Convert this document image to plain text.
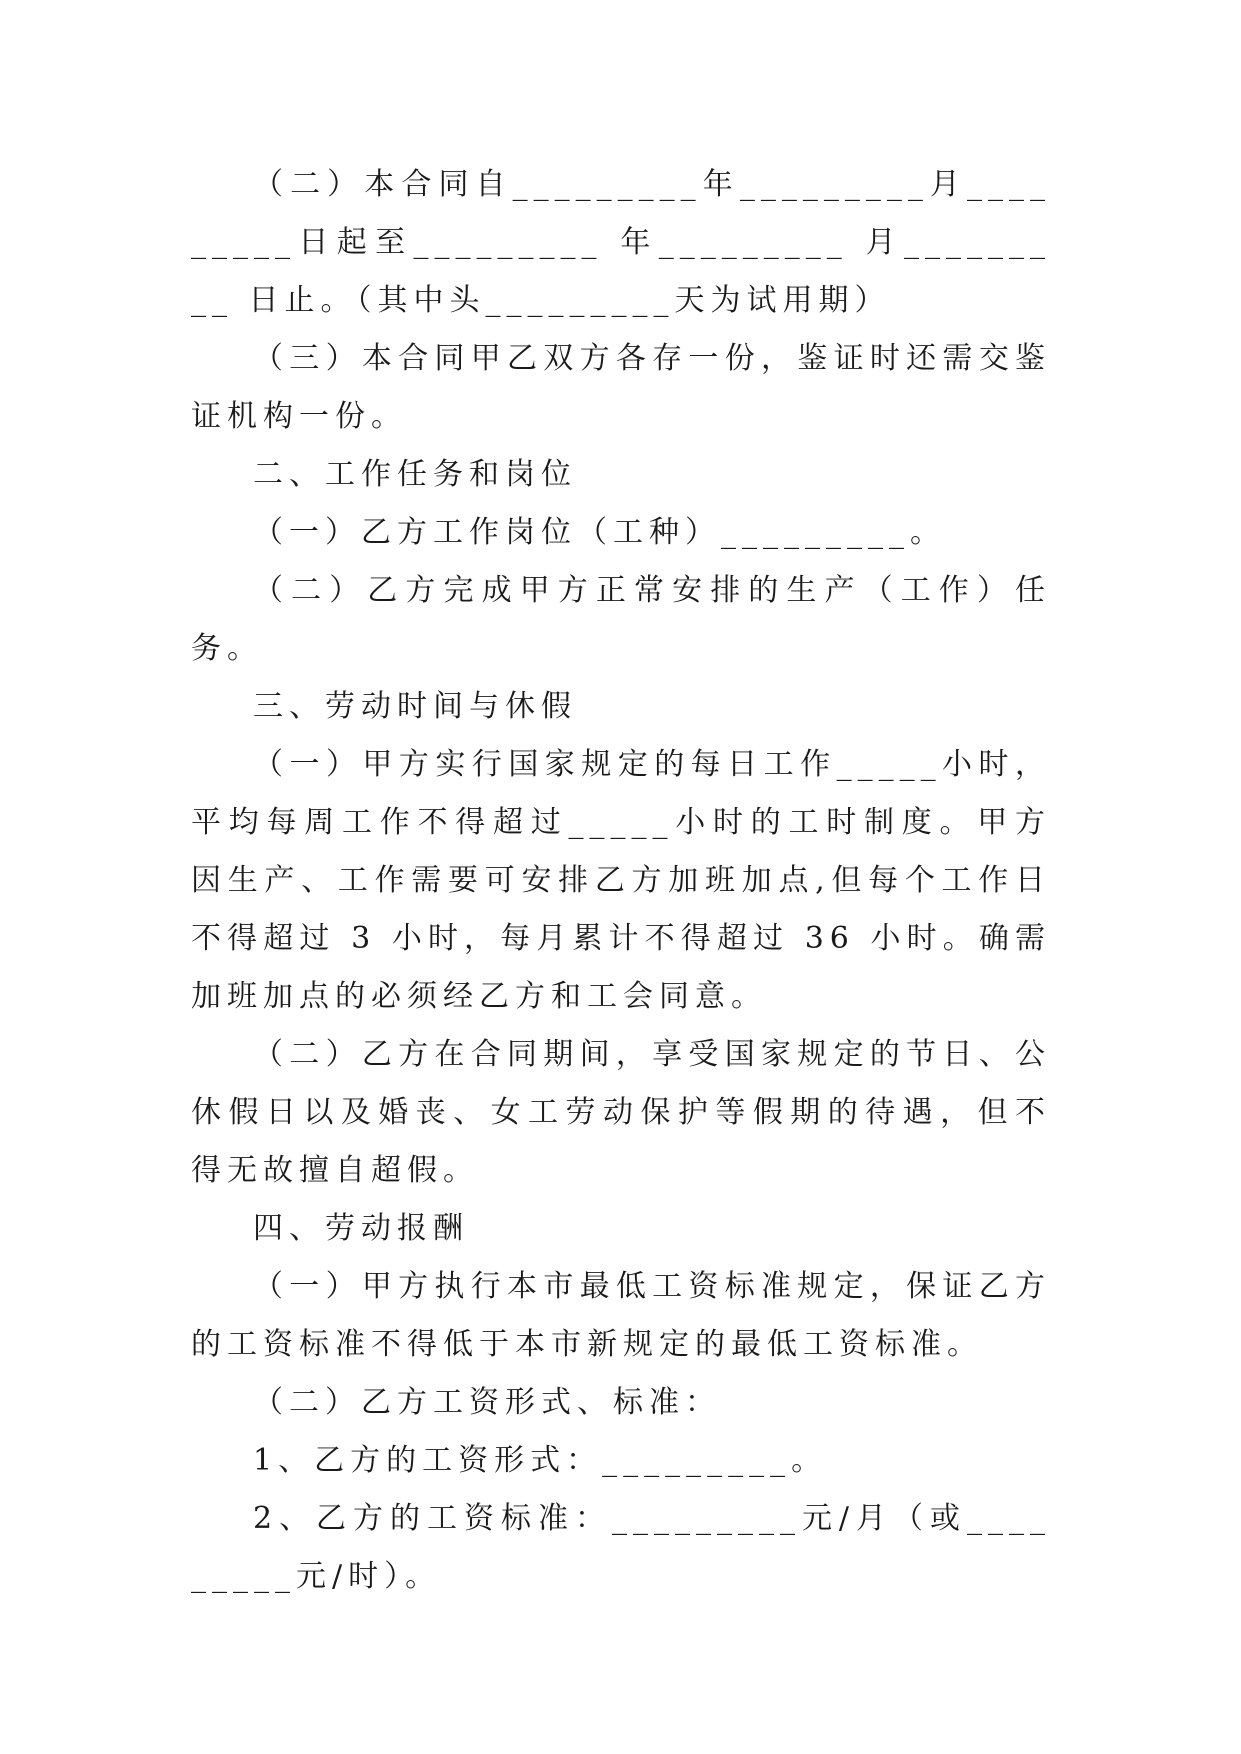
（二）本合同自_________年_________月_________日起至_________ 年_________ 月_________ 日止。（其中头_________天为试用期）

（三）本合同甲乙双方各存一份，鉴证时还需交鉴证机构一份。

二、工作任务和岗位

（一）乙方工作岗位（工种）_________。

（二）乙方完成甲方正常安排的生产（工作）任务。

三、劳动时间与休假

（一）甲方实行国家规定的每日工作_____小时，平均每周工作不得超过_____小时的工时制度。甲方因生产、工作需要可安排乙方加班加点,但每个工作日不得超过 3 小时，每月累计不得超过 36 小时。确需加班加点的必须经乙方和工会同意。

（二）乙方在合同期间，享受国家规定的节日、公休假日以及婚丧、女工劳动保护等假期的待遇，但不得无故擅自超假。

四、劳动报酬

（一）甲方执行本市最低工资标准规定，保证乙方的工资标准不得低于本市新规定的最低工资标准。

（二）乙方工资形式、标准：

1、乙方的工资形式：_________。

2、乙方的工资标准：_________元/月（或_________元/时）。
